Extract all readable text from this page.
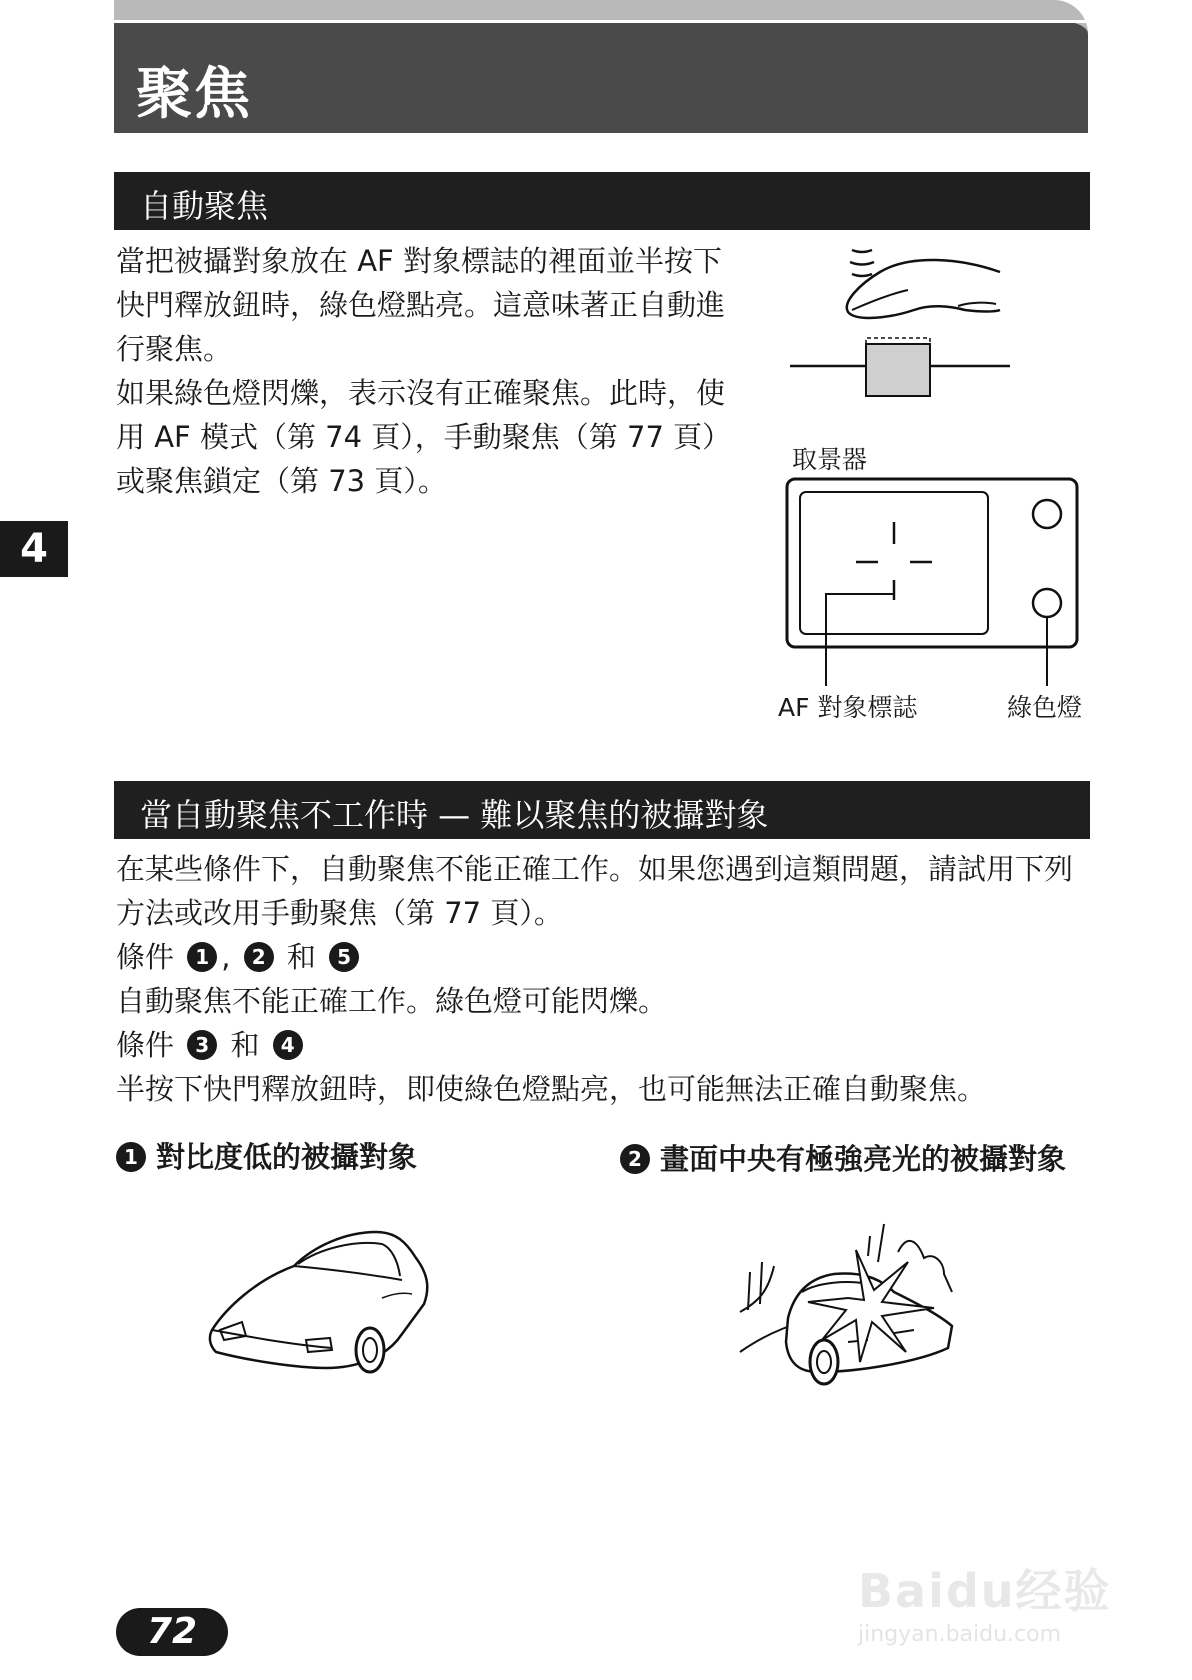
聚焦
4
自動聚焦
當把被攝對象放在 AF 對象標誌的裡面並半按下
快門釋放鈕時，綠色燈點亮。這意味著正自動進
行聚焦。
如果綠色燈閃爍，表示沒有正確聚焦。此時，使
用 AF 模式（第 74 頁），手動聚焦（第 77 頁）
或聚焦鎖定（第 73 頁）。
取景器
AF 對象標誌	綠色燈
當自動聚焦不工作時 — 難以聚焦的被攝對象
在某些條件下，自動聚焦不能正確工作。如果您遇到這類問題，請試用下列
方法或改用手動聚焦（第 77 頁）。
條件 1 , 2 和 5
自動聚焦不能正確工作。綠色燈可能閃爍。
條件 3 和 4
半按下快門釋放鈕時，即使綠色燈點亮，也可能無法正確自動聚焦。
1 對比度低的被攝對象	2 畫面中央有極強亮光的被攝對象
72
Baidu经验
jingyan.baidu.com
